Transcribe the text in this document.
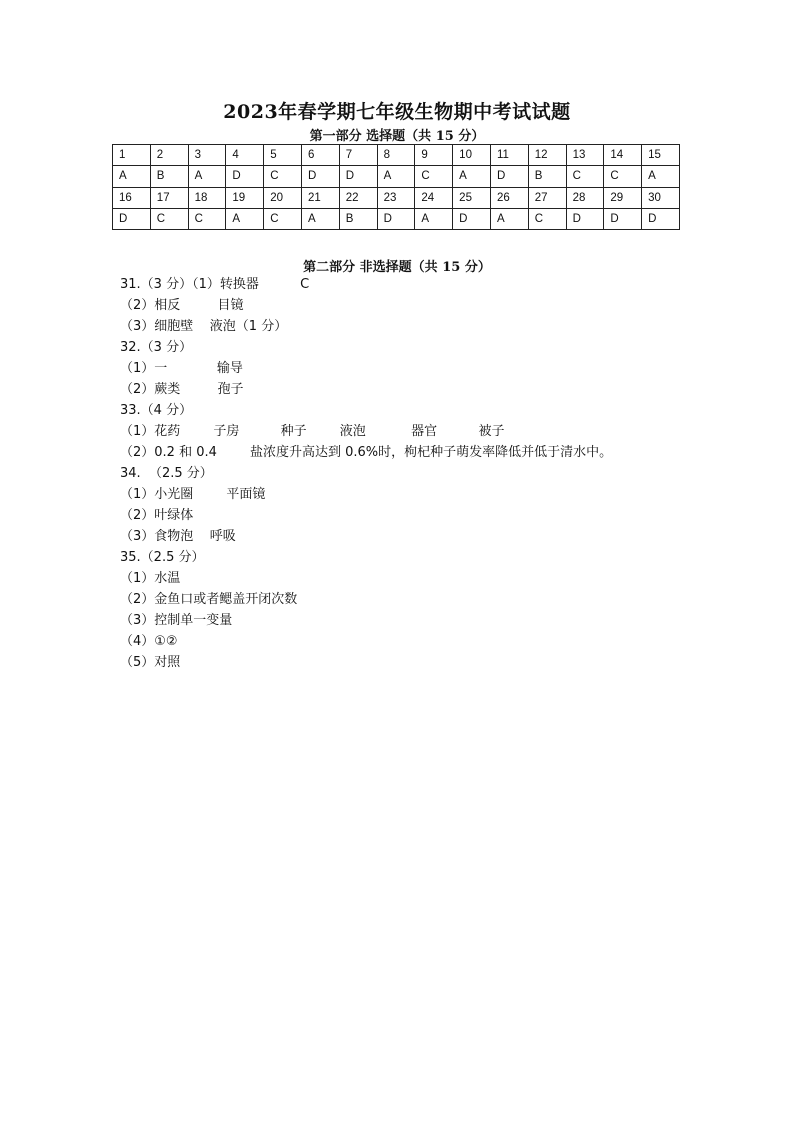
2023年春学期七年级生物期中考试试题
第一部分 选择题（共 15 分）
1	2	3	4	5	6	7	8	9	10	11	12	13	14	15
A	B	A	D	C	D	D	A	C	A	D	B	C	C	A
16	17	18	19	20	21	22	23	24	25	26	27	28	29	30
D	C	C	A	C	A	B	D	A	D	A	C	D	D	D
第二部分 非选择题（共 15 分）
31.（3 分）（1）转换器          C
（2）相反         目镜
（3）细胞壁    液泡（1 分）
32.（3 分）
（1）一            输导
（2）蕨类         孢子
33.（4 分）
（1）花药        子房          种子        液泡           器官          被子
（2）0.2 和 0.4        盐浓度升高达到 0.6%时，枸杞种子萌发率降低并低于清水中。
34.  （2.5 分）
（1）小光圈        平面镜
（2）叶绿体
（3）食物泡    呼吸
35.（2.5 分）
（1）水温
（2）金鱼口或者鳃盖开闭次数
（3）控制单一变量
（4）①②
（5）对照
